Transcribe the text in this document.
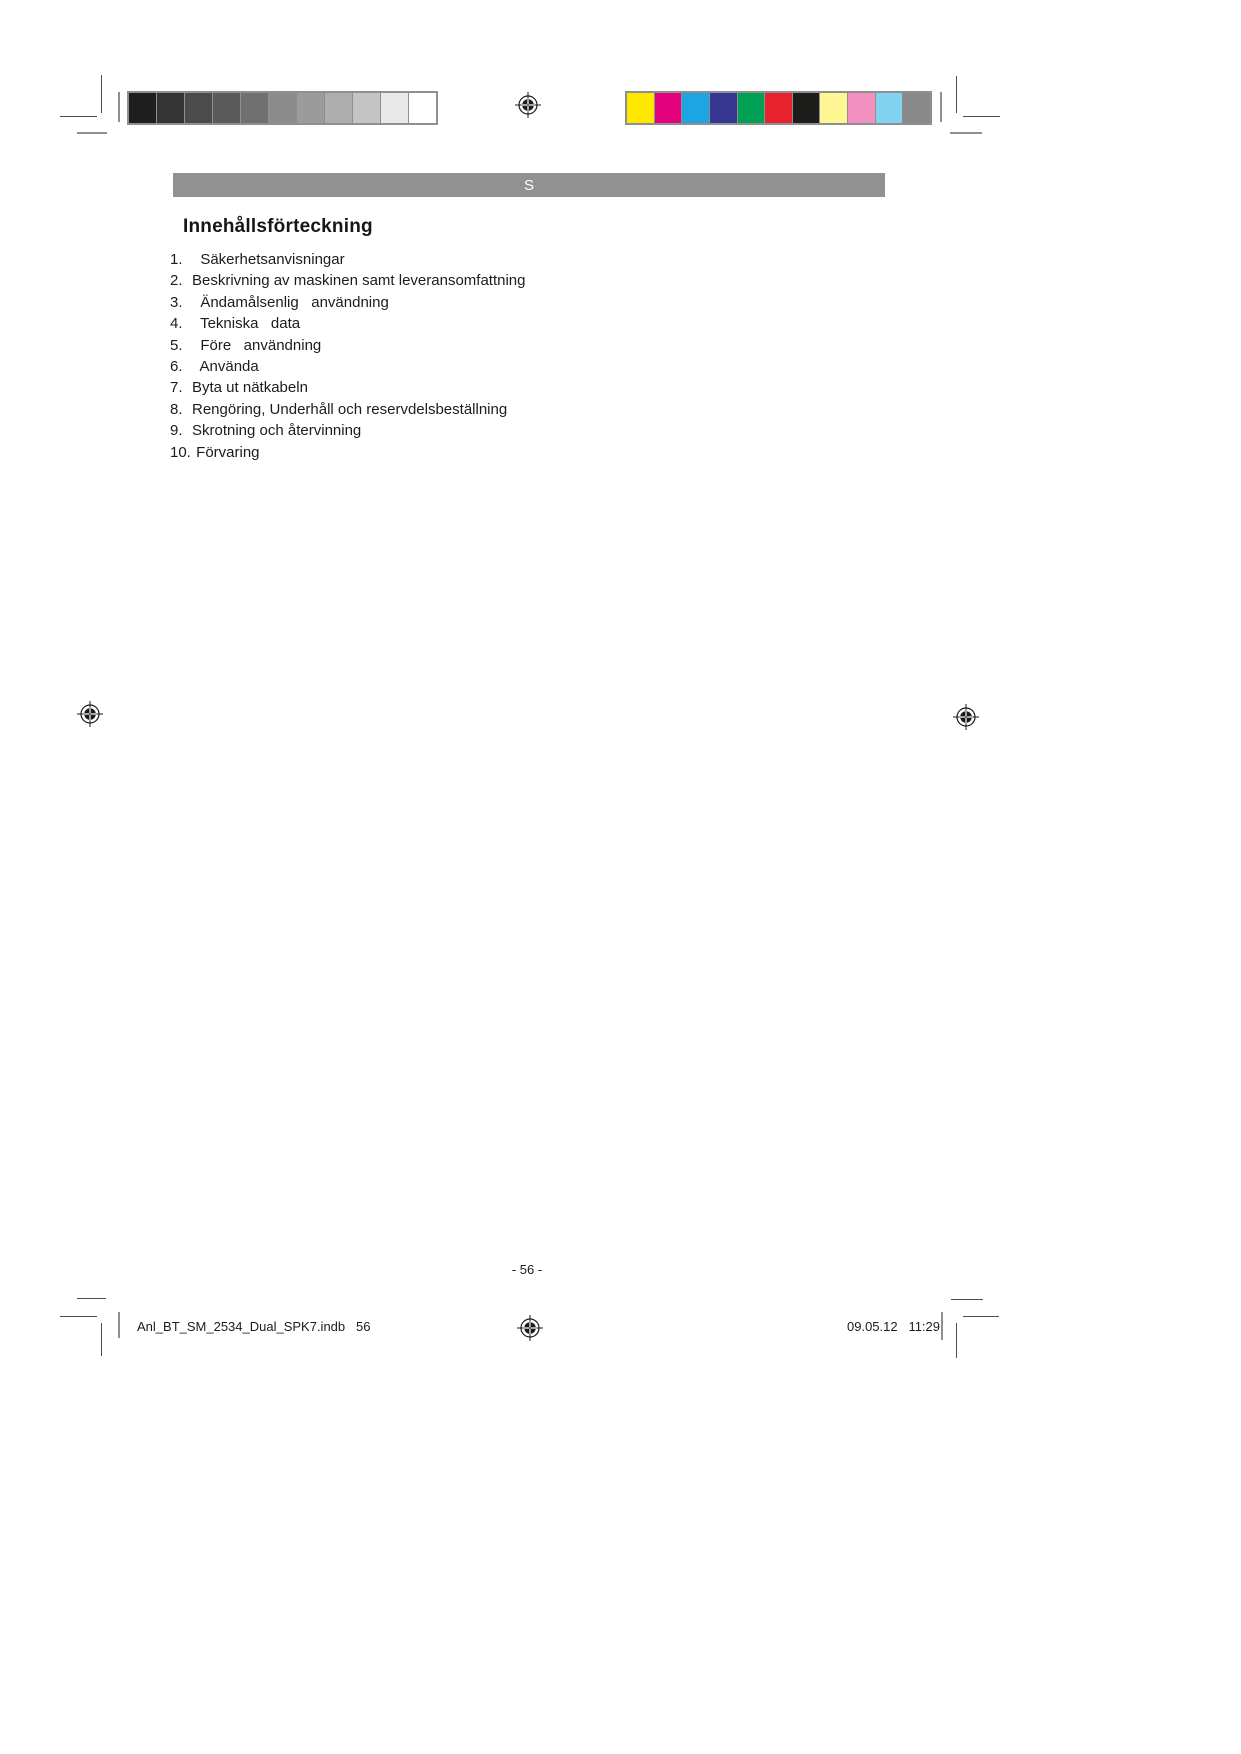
S
Innehållsförteckning
1. Säkerhetsanvisningar
2. Beskrivning av maskinen samt leveransomfattning
3. Ändamålsenlig   användning
4. Tekniska   data
5. Före   användning
6. Använda
7. Byta ut nätkabeln
8. Rengöring, Underhåll och reservdelsbeställning
9. Skrotning och återvinning
10. Förvaring
- 56 -
Anl_BT_SM_2534_Dual_SPK7.indb   56	09.05.12   11:29
